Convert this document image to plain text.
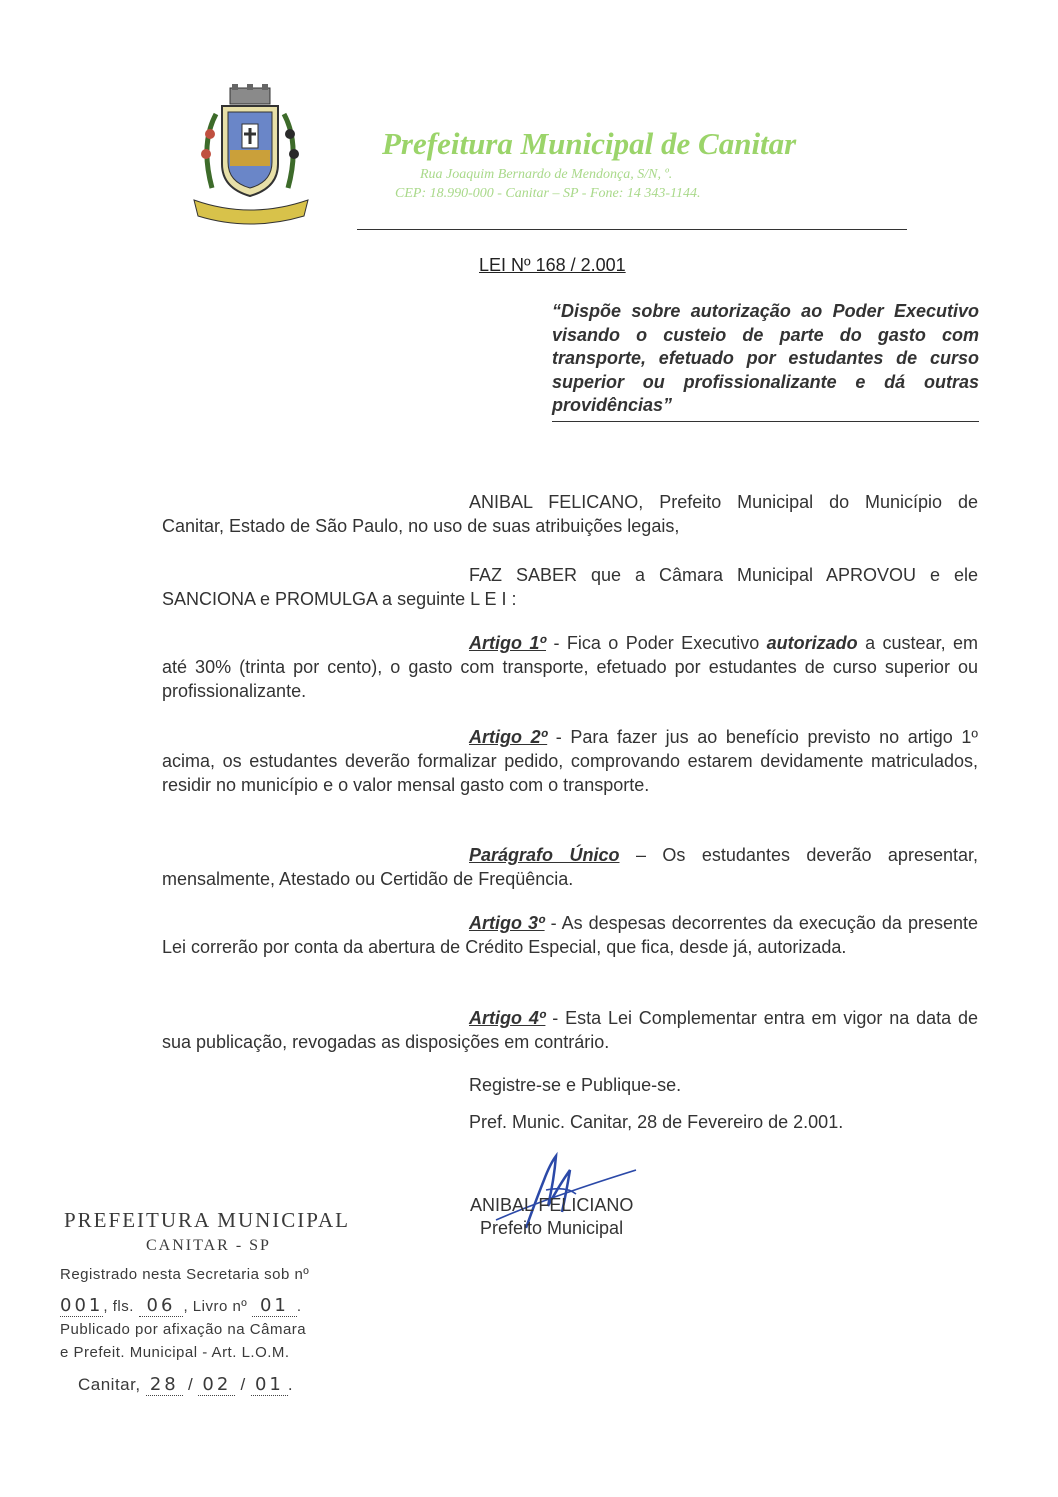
Prefeitura Municipal de Canitar
Rua Joaquim Bernardo de Mendonça, S/N, º.
CEP: 18.990-000 - Canitar – SP - Fone: 14 343-1144.
LEI Nº 168 / 2.001
“Dispõe sobre autorização ao Poder Executivo visando o custeio de parte do gasto com transporte, efetuado por estudantes de curso superior ou profissionalizante e dá outras providências”
ANIBAL FELICANO, Prefeito Municipal do Município de
Canitar, Estado de São Paulo, no uso de suas atribuições legais,
FAZ SABER que a Câmara Municipal APROVOU e ele
SANCIONA e PROMULGA a seguinte L E I :
Artigo 1º - Fica o Poder Executivo autorizado a custear, em até 30% (trinta por cento), o gasto com transporte, efetuado por estudantes de curso superior ou profissionalizante.
Artigo 2º - Para fazer jus ao benefício previsto no artigo 1º acima, os estudantes deverão formalizar pedido, comprovando estarem devidamente matriculados, residir no município e o valor mensal gasto com o transporte.
Parágrafo Único – Os estudantes deverão apresentar, mensalmente, Atestado ou Certidão de Freqüência.
Artigo 3º - As despesas decorrentes da execução da presente Lei correrão por conta da abertura de Crédito Especial, que fica, desde já, autorizada.
Artigo 4º - Esta Lei Complementar entra em vigor na data de sua publicação, revogadas as disposições em contrário.
Registre-se e Publique-se.
Pref. Munic. Canitar, 28 de Fevereiro de 2.001.
ANIBAL FELICIANO
Prefeito Municipal
PREFEITURA MUNICIPAL
CANITAR - SP
Registrado nesta Secretaria sob nº
001, fls. 06 , Livro nº 01 .
Publicado por afixação na Câmara
e Prefeit. Municipal - Art. L.O.M.
Canitar, 28 / 02 / 01 .
